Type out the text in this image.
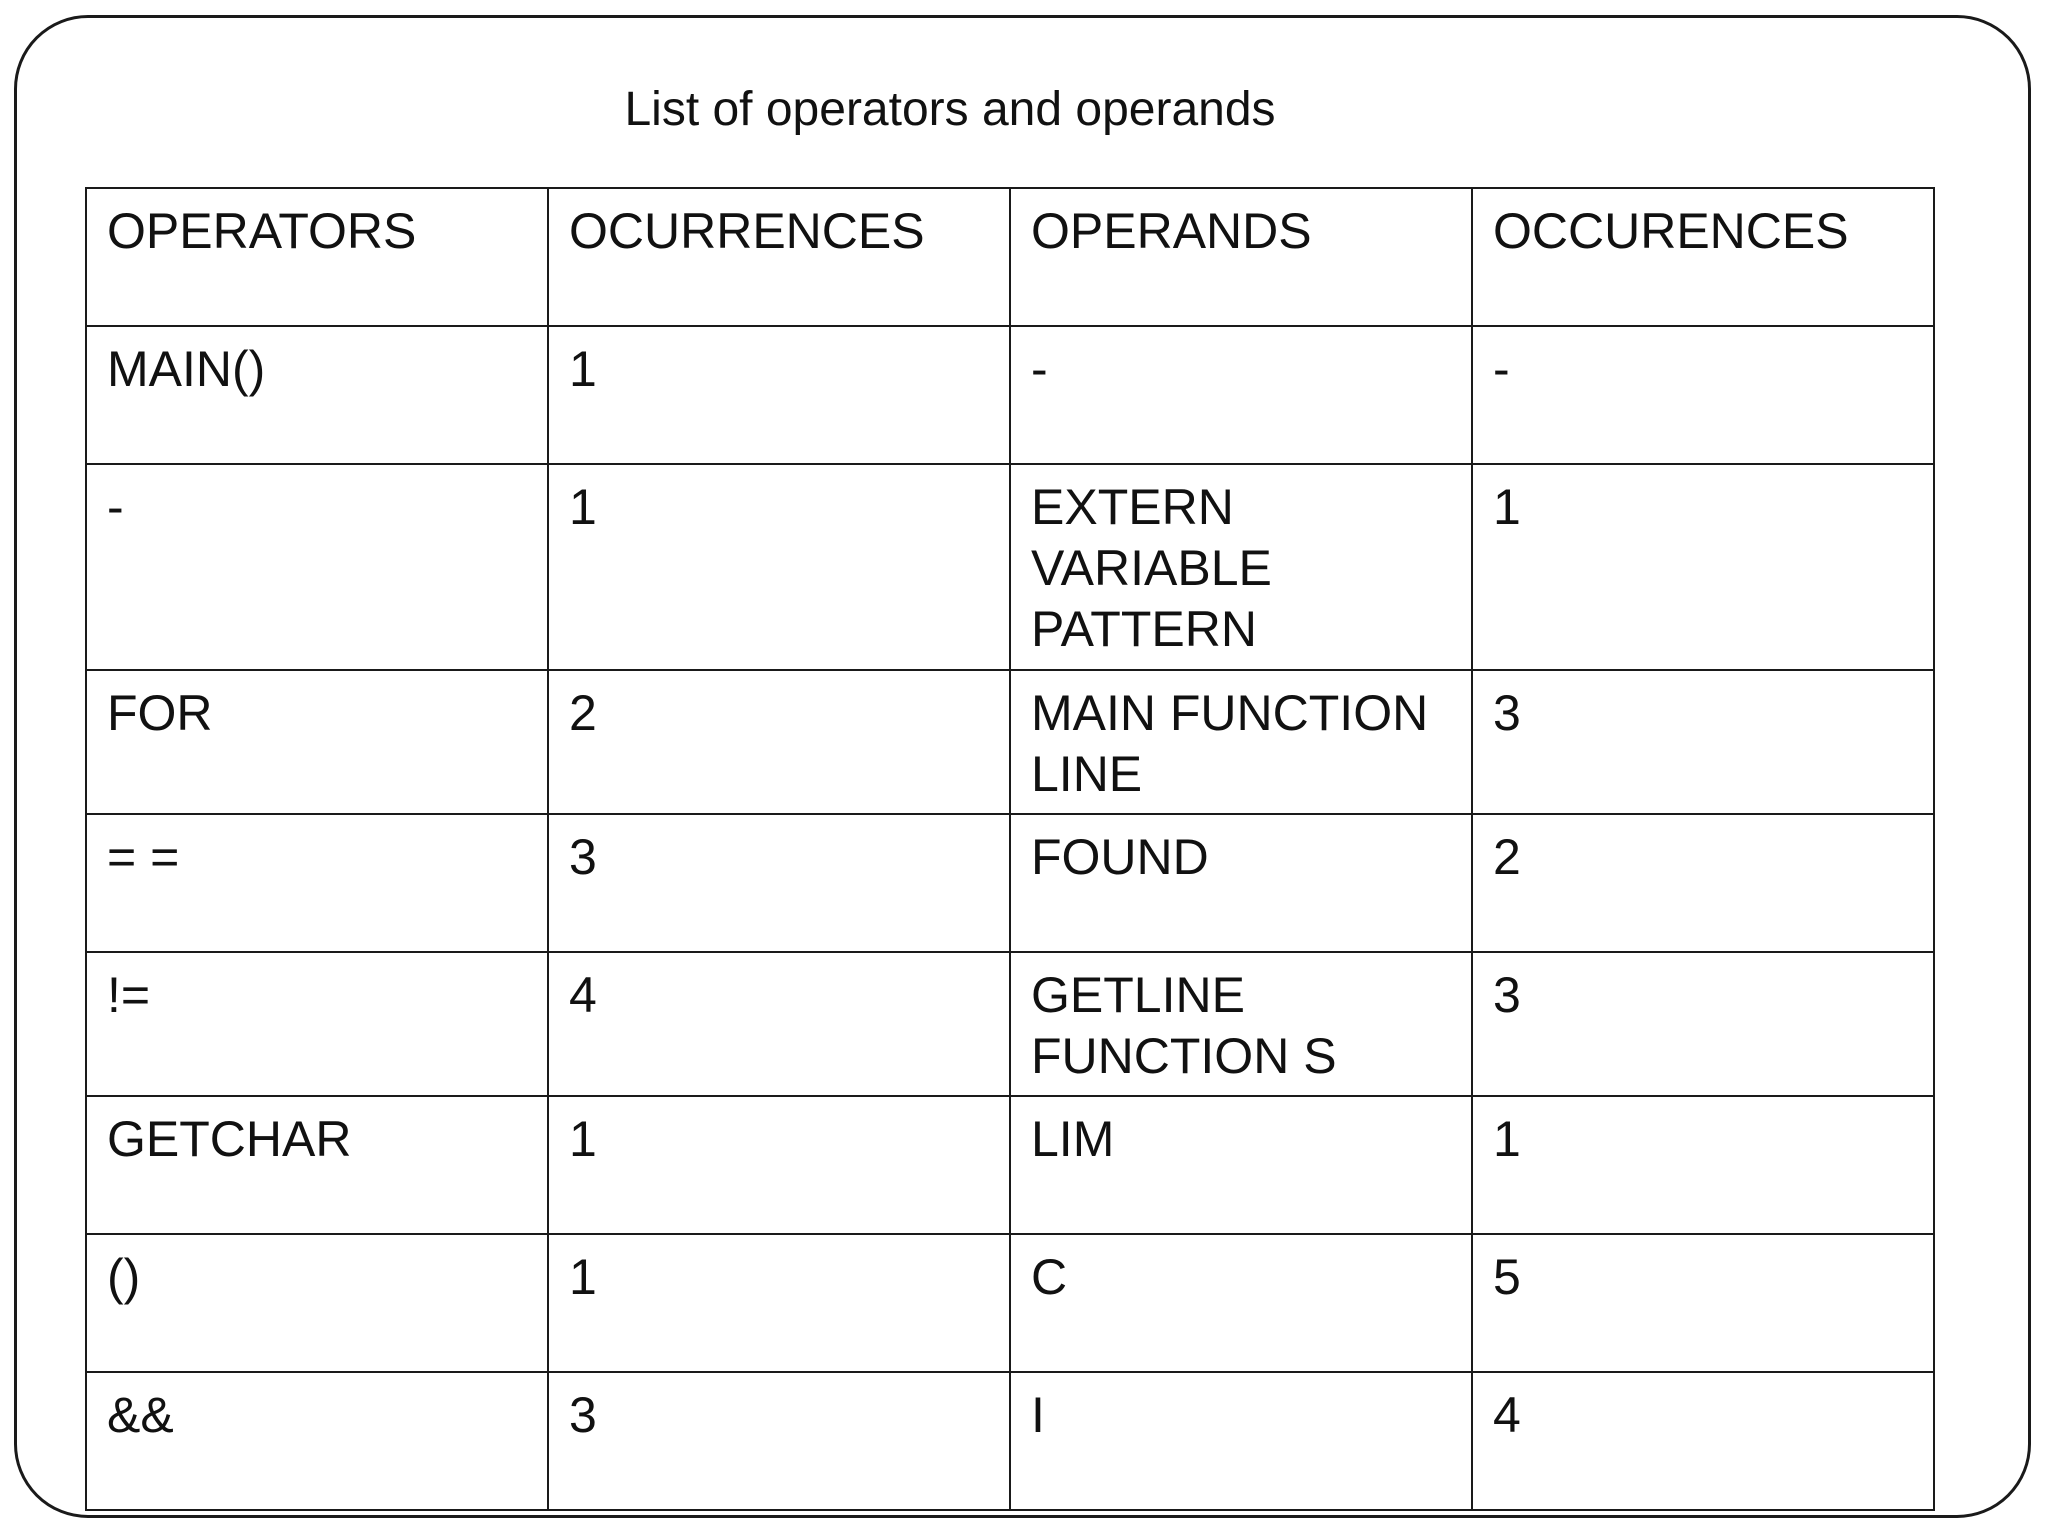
List of operators and operands
OPERATORS	OCURRENCES	OPERANDS	OCCURENCES

MAIN()	1	-	-

-	1	EXTERN
VARIABLE
PATTERN	1

FOR	2	MAIN FUNCTION
LINE	3

= =	3	FOUND	2

!=	4	GETLINE
FUNCTION S	3

GETCHAR	1	LIM	1

()	1	C	5

&&	3	I	4
